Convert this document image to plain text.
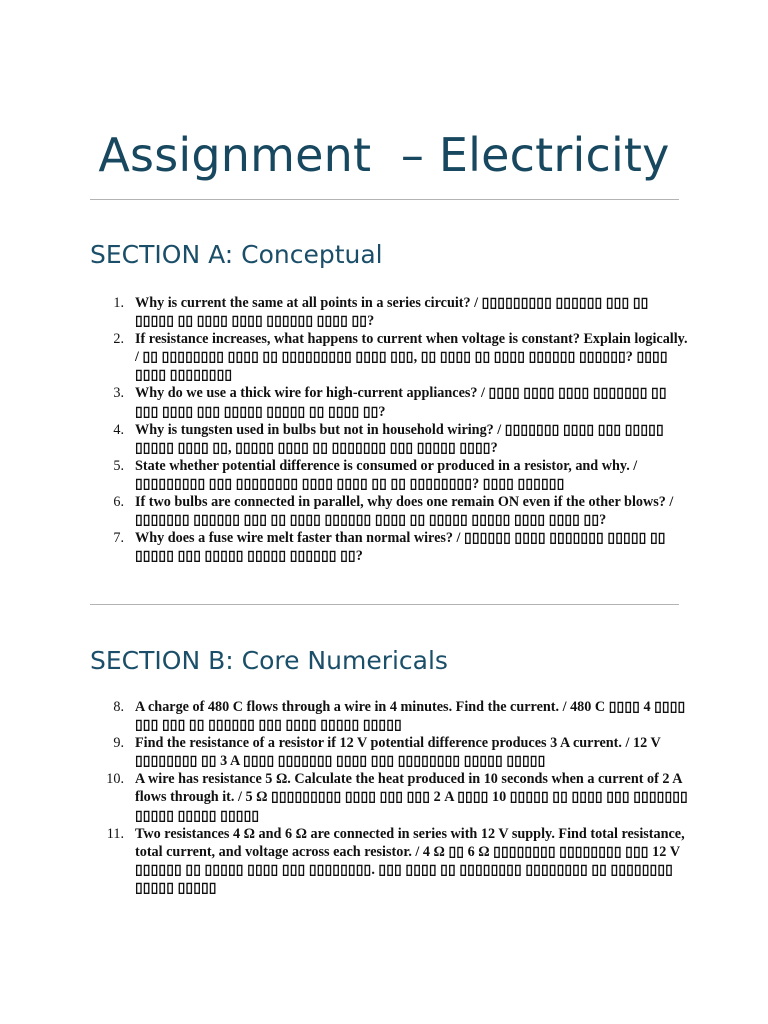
Assignment  – Electricity
SECTION A: Conceptual
1. Why is current the same at all points in a series circuit? / ▯▯▯▯▯▯▯▯▯ ▯▯▯▯▯▯ ▯▯▯ ▯▯ ▯▯▯▯▯ ▯▯ ▯▯▯▯ ▯▯▯▯ ▯▯▯▯▯▯ ▯▯▯▯ ▯▯?
2. If resistance increases, what happens to current when voltage is constant? Explain logically. / ▯▯ ▯▯▯▯▯▯▯▯ ▯▯▯▯ ▯▯ ▯▯▯▯▯▯▯▯▯ ▯▯▯▯ ▯▯▯, ▯▯ ▯▯▯▯ ▯▯ ▯▯▯▯ ▯▯▯▯▯▯ ▯▯▯▯▯▯? ▯▯▯▯ ▯▯▯▯ ▯▯▯▯▯▯▯▯
3. Why do we use a thick wire for high-current appliances? / ▯▯▯▯ ▯▯▯▯ ▯▯▯▯ ▯▯▯▯▯▯▯ ▯▯ ▯▯▯ ▯▯▯▯ ▯▯▯ ▯▯▯▯▯ ▯▯▯▯▯ ▯▯ ▯▯▯▯ ▯▯?
4. Why is tungsten used in bulbs but not in household wiring? / ▯▯▯▯▯▯▯ ▯▯▯▯ ▯▯▯ ▯▯▯▯▯ ▯▯▯▯▯ ▯▯▯▯ ▯▯, ▯▯▯▯▯ ▯▯▯▯ ▯▯ ▯▯▯▯▯▯▯ ▯▯▯ ▯▯▯▯▯ ▯▯▯▯?
5. State whether potential difference is consumed or produced in a resistor, and why. / ▯▯▯▯▯▯▯▯▯ ▯▯▯ ▯▯▯▯▯▯▯▯ ▯▯▯▯ ▯▯▯▯ ▯▯ ▯▯ ▯▯▯▯▯▯▯▯? ▯▯▯▯ ▯▯▯▯▯▯
6. If two bulbs are connected in parallel, why does one remain ON even if the other blows? / ▯▯▯▯▯▯▯ ▯▯▯▯▯▯ ▯▯▯ ▯▯ ▯▯▯▯ ▯▯▯▯▯▯ ▯▯▯▯ ▯▯ ▯▯▯▯▯ ▯▯▯▯▯ ▯▯▯▯ ▯▯▯▯ ▯▯?
7. Why does a fuse wire melt faster than normal wires? / ▯▯▯▯▯▯ ▯▯▯▯ ▯▯▯▯▯▯▯ ▯▯▯▯▯ ▯▯ ▯▯▯▯▯ ▯▯▯ ▯▯▯▯▯ ▯▯▯▯▯ ▯▯▯▯▯▯ ▯▯?
SECTION B: Core Numericals
8. A charge of 480 C flows through a wire in 4 minutes. Find the current. / 480 C ▯▯▯▯ 4 ▯▯▯▯ ▯▯▯ ▯▯▯ ▯▯ ▯▯▯▯▯▯ ▯▯▯ ▯▯▯▯ ▯▯▯▯▯ ▯▯▯▯▯
9. Find the resistance of a resistor if 12 V potential difference produces 3 A current. / 12 V ▯▯▯▯▯▯▯▯ ▯▯ 3 A ▯▯▯▯ ▯▯▯▯▯▯▯ ▯▯▯▯ ▯▯▯ ▯▯▯▯▯▯▯▯ ▯▯▯▯▯ ▯▯▯▯▯
10. A wire has resistance 5 Ω. Calculate the heat produced in 10 seconds when a current of 2 A flows through it. / 5 Ω ▯▯▯▯▯▯▯▯▯ ▯▯▯▯ ▯▯▯ ▯▯▯ 2 A ▯▯▯▯ 10 ▯▯▯▯▯ ▯▯ ▯▯▯▯ ▯▯▯ ▯▯▯▯▯▯▯ ▯▯▯▯▯ ▯▯▯▯▯ ▯▯▯▯▯
11. Two resistances 4 Ω and 6 Ω are connected in series with 12 V supply. Find total resistance, total current, and voltage across each resistor. / 4 Ω ▯▯ 6 Ω ▯▯▯▯▯▯▯▯ ▯▯▯▯▯▯▯▯ ▯▯▯ 12 V ▯▯▯▯▯▯ ▯▯ ▯▯▯▯▯ ▯▯▯▯ ▯▯▯ ▯▯▯▯▯▯▯▯. ▯▯▯ ▯▯▯▯ ▯▯ ▯▯▯▯▯▯▯▯ ▯▯▯▯▯▯▯▯ ▯▯ ▯▯▯▯▯▯▯▯ ▯▯▯▯▯ ▯▯▯▯▯
